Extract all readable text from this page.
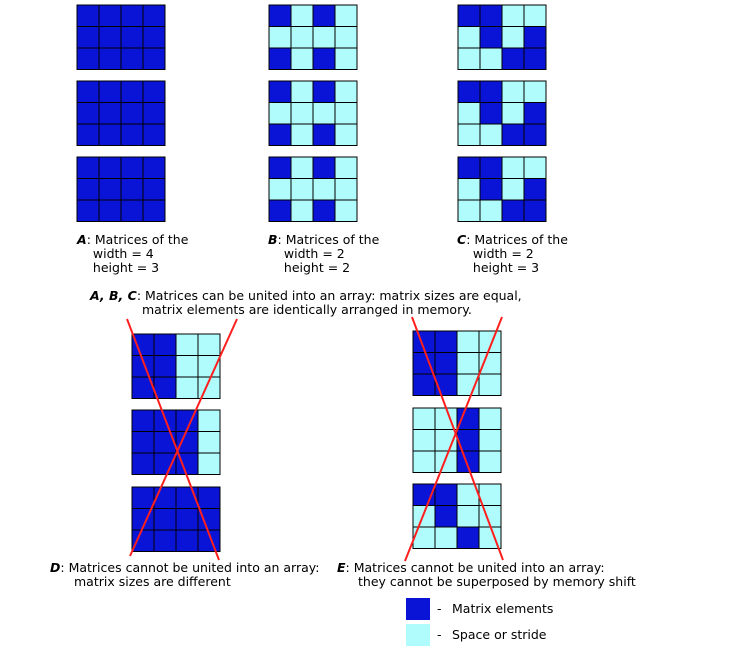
A: Matrices of the
width = 4
height = 3
B: Matrices of the
width = 2
height = 2
C: Matrices of the
width = 2
height = 3
A, B, C: Matrices can be united into an array: matrix sizes are equal,
matrix elements are identically arranged in memory.
D: Matrices cannot be united into an array:
matrix sizes are different
E: Matrices cannot be united into an array:
they cannot be superposed by memory shift
- Matrix elements
- Space or stride
